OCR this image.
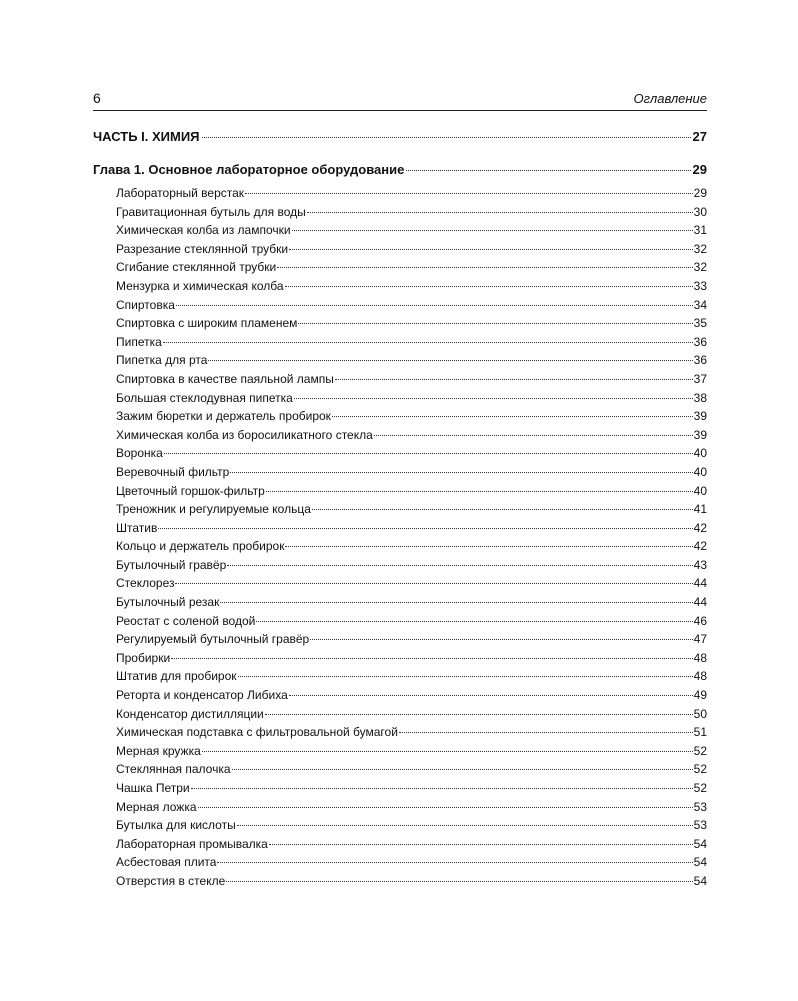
6	Оглавление
ЧАСТЬ I. ХИМИЯ	27
Глава 1. Основное лабораторное оборудование	29
Лабораторный верстак	29
Гравитационная бутыль для воды	30
Химическая колба из лампочки	31
Разрезание стеклянной трубки	32
Сгибание стеклянной трубки	32
Мензурка и химическая колба	33
Спиртовка	34
Спиртовка с широким пламенем	35
Пипетка	36
Пипетка для рта	36
Спиртовка в качестве паяльной лампы	37
Большая стеклодувная пипетка	38
Зажим бюретки и держатель пробирок	39
Химическая колба из боросиликатного стекла	39
Воронка	40
Веревочный фильтр	40
Цветочный горшок-фильтр	40
Треножник и регулируемые кольца	41
Штатив	42
Кольцо и держатель пробирок	42
Бутылочный гравёр	43
Стеклорез	44
Бутылочный резак	44
Реостат с соленой водой	46
Регулируемый бутылочный гравёр	47
Пробирки	48
Штатив для пробирок	48
Реторта и конденсатор Либиха	49
Конденсатор дистилляции	50
Химическая подставка с фильтровальной бумагой	51
Мерная кружка	52
Стеклянная палочка	52
Чашка Петри	52
Мерная ложка	53
Бутылка для кислоты	53
Лабораторная промывалка	54
Асбестовая плита	54
Отверстия в стекле	54
